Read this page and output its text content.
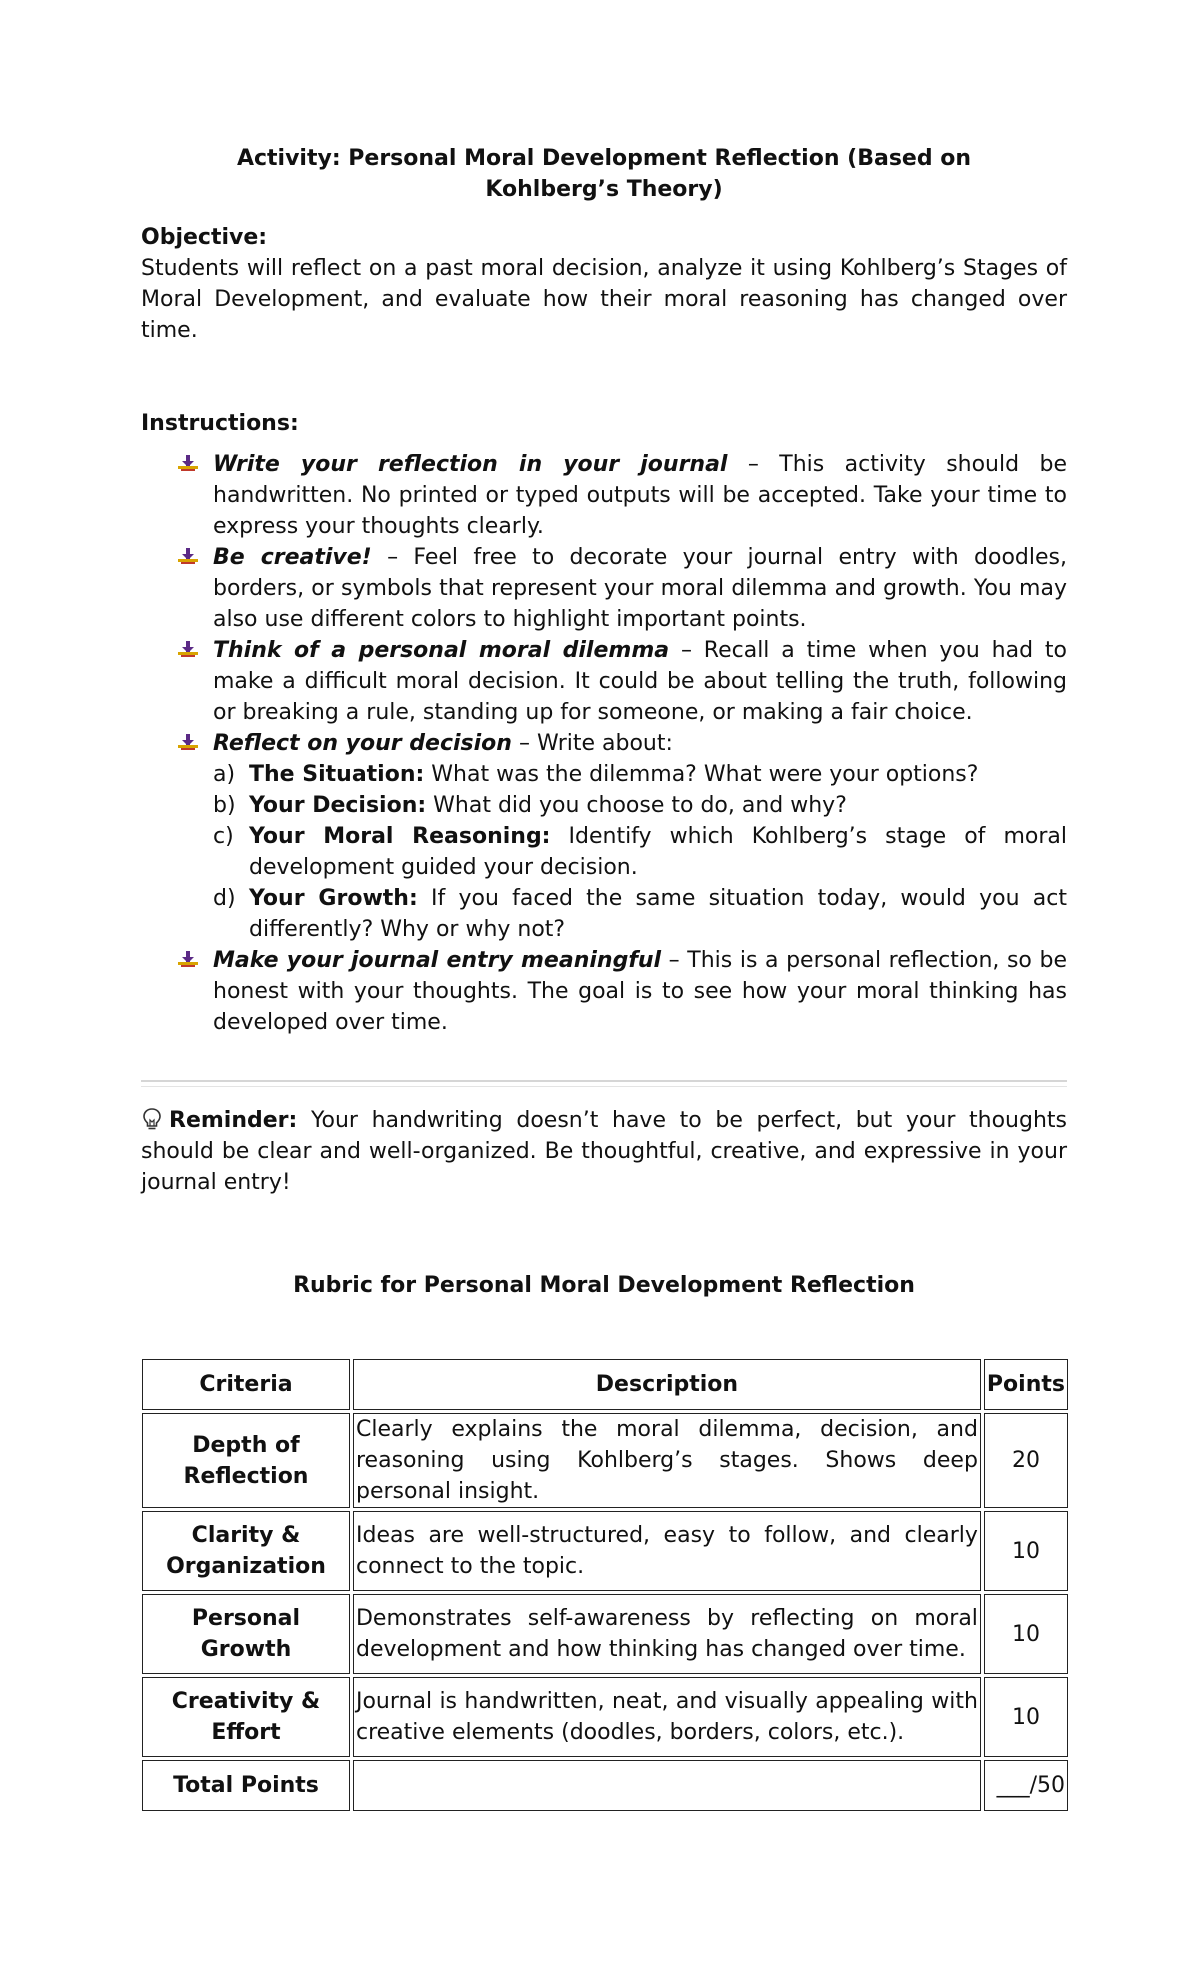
Activity: Personal Moral Development Reflection (Based on Kohlberg’s Theory)
Objective:
Students will reflect on a past moral decision, analyze it using Kohlberg’s Stages of Moral Development, and evaluate how their moral reasoning has changed over time.
Instructions:
Write your reflection in your journal – This activity should be handwritten. No printed or typed outputs will be accepted. Take your time to express your thoughts clearly.
Be creative! – Feel free to decorate your journal entry with doodles, borders, or symbols that represent your moral dilemma and growth. You may also use different colors to highlight important points.
Think of a personal moral dilemma – Recall a time when you had to make a difficult moral decision. It could be about telling the truth, following or breaking a rule, standing up for someone, or making a fair choice.
Reflect on your decision – Write about:
a) The Situation: What was the dilemma? What were your options?
b) Your Decision: What did you choose to do, and why?
c) Your Moral Reasoning: Identify which Kohlberg’s stage of moral development guided your decision.
d) Your Growth: If you faced the same situation today, would you act differently? Why or why not?
Make your journal entry meaningful – This is a personal reflection, so be honest with your thoughts. The goal is to see how your moral thinking has developed over time.
Reminder: Your handwriting doesn’t have to be perfect, but your thoughts should be clear and well-organized. Be thoughtful, creative, and expressive in your journal entry!
Rubric for Personal Moral Development Reflection
Criteria	Description	Points
Depth of Reflection	Clearly explains the moral dilemma, decision, and reasoning using Kohlberg’s stages. Shows deep personal insight.	20
Clarity & Organization	Ideas are well-structured, easy to follow, and clearly connect to the topic.	10
Personal Growth	Demonstrates self-awareness by reflecting on moral development and how thinking has changed over time.	10
Creativity & Effort	Journal is handwritten, neat, and visually appealing with creative elements (doodles, borders, colors, etc.).	10
Total Points		___/50
